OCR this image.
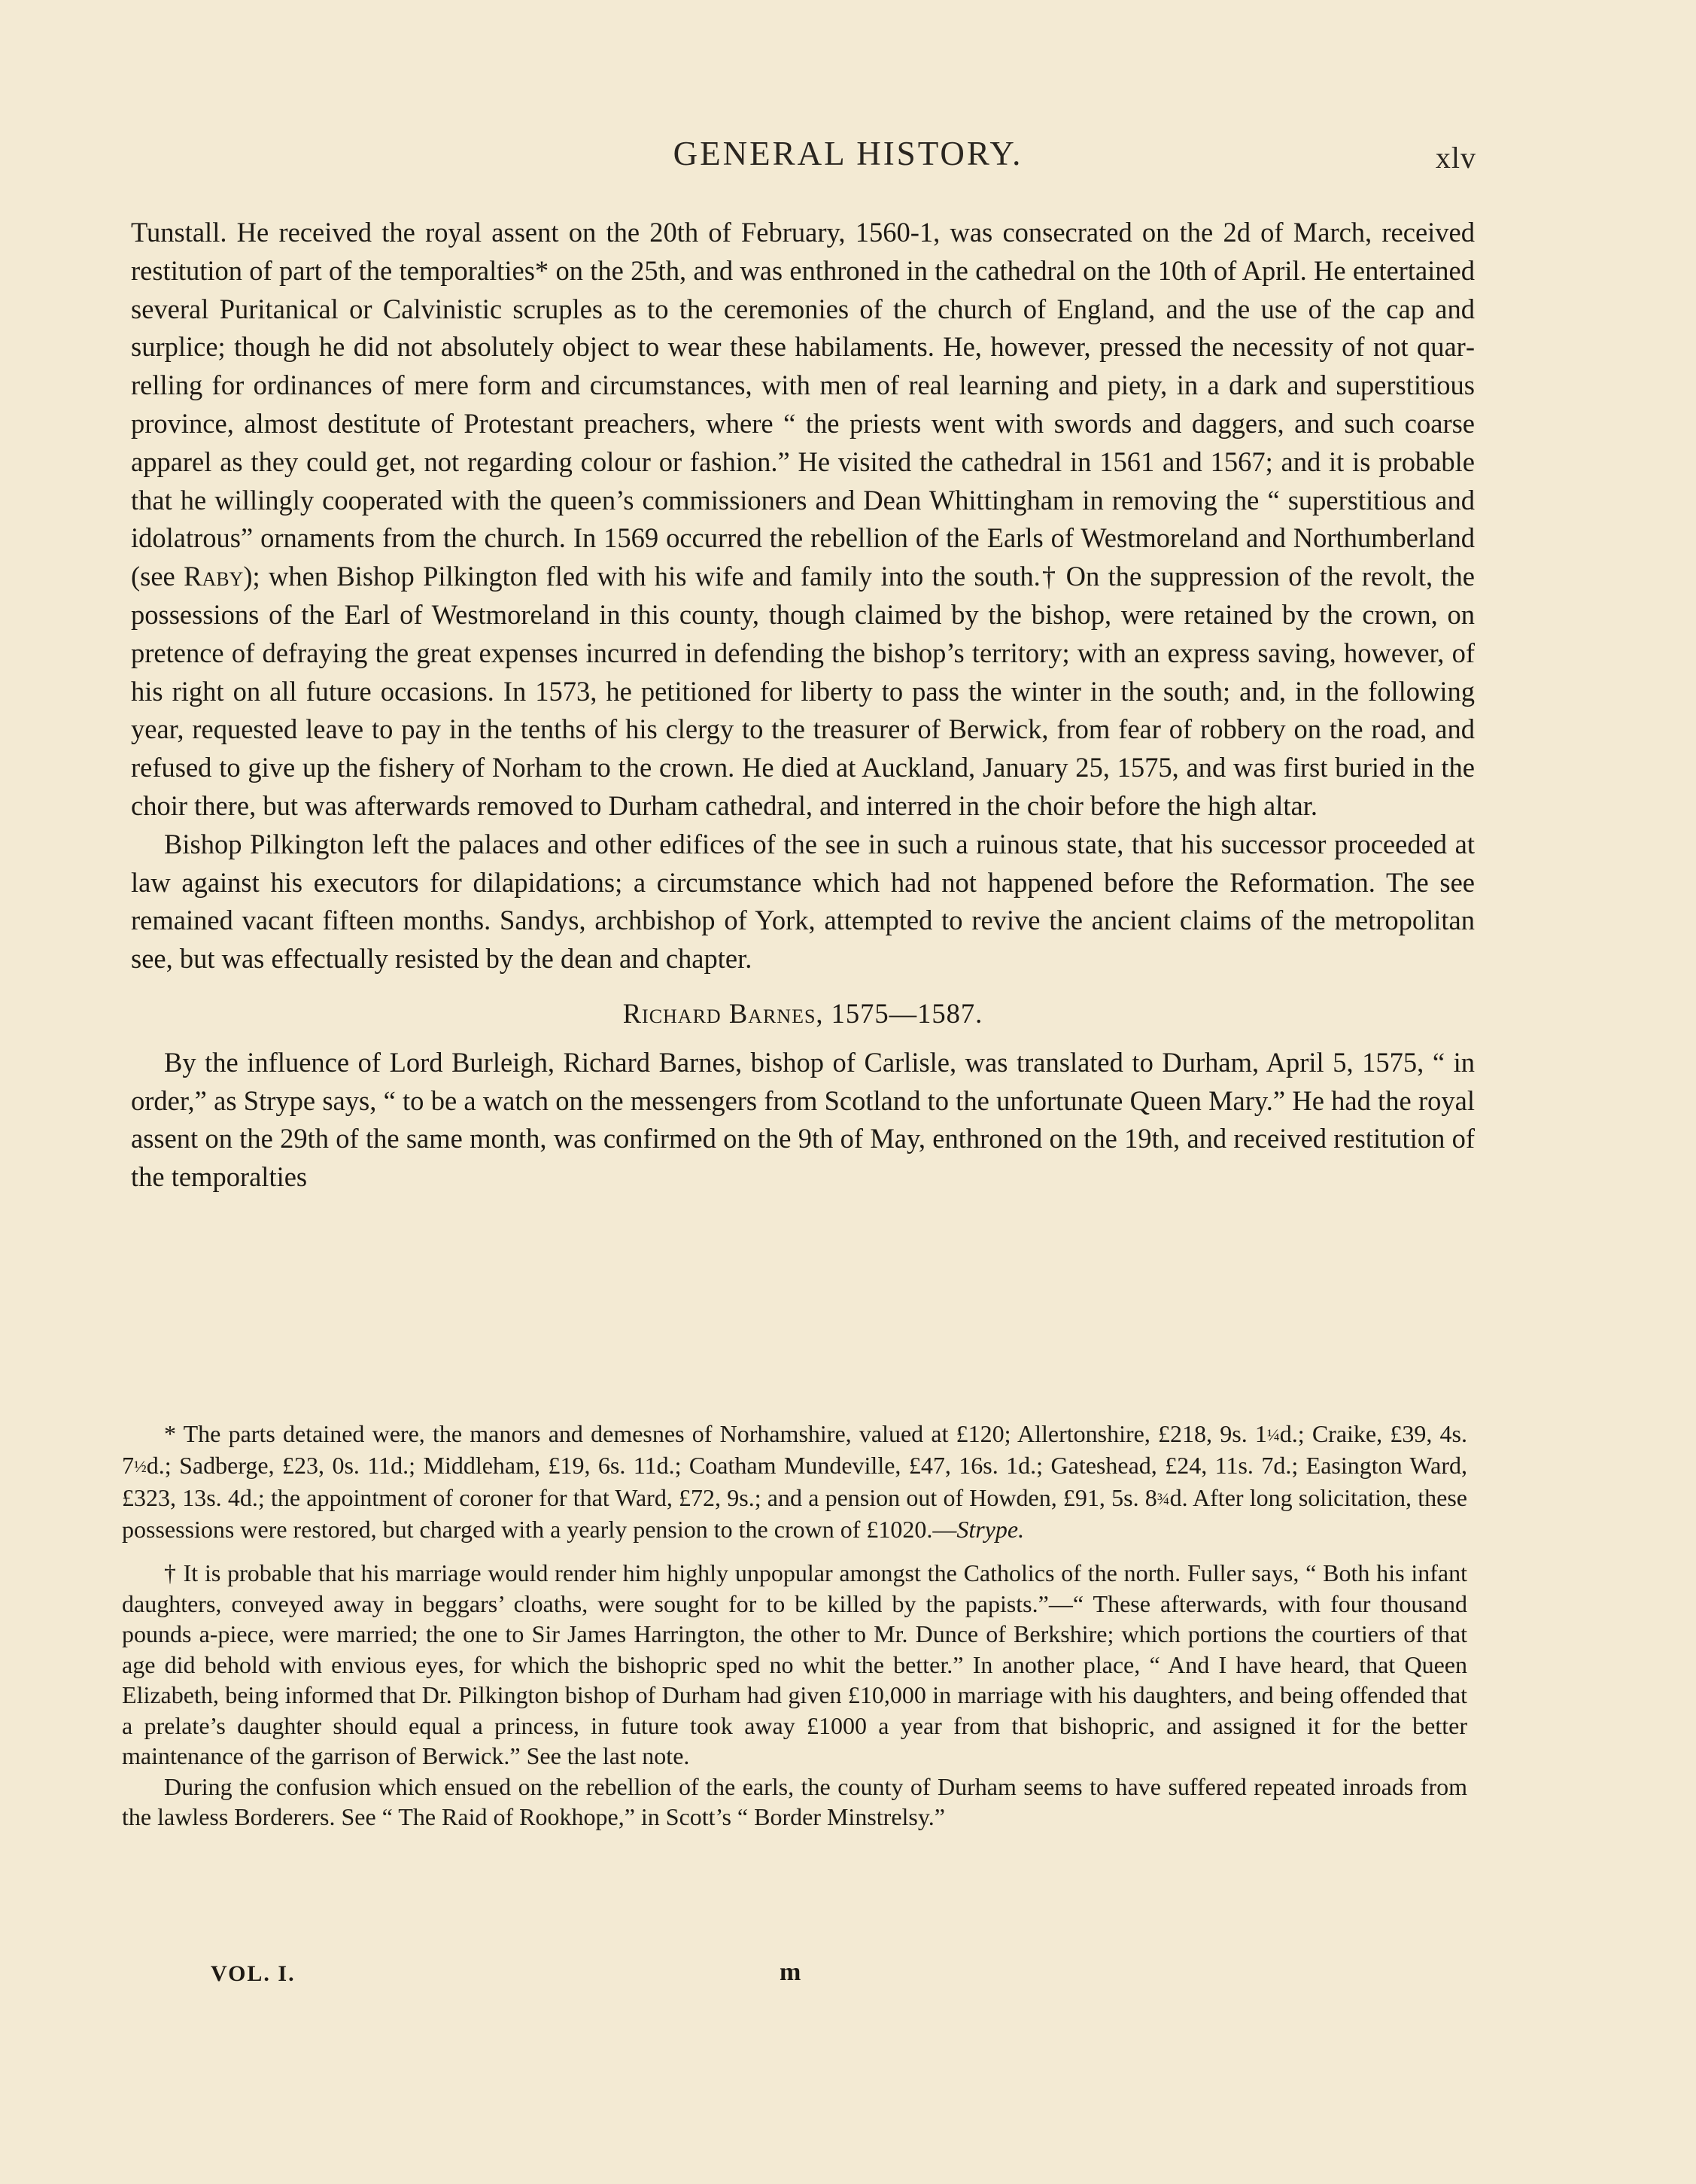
GENERAL HISTORY.	xlv

Tunstall. He received the royal assent on the 20th of February, 1560-1, was consecrated on the 2d of March, received restitution of part of the temporalties* on the 25th, and was enthroned in the cathedral on the 10th of April. He entertained several Puritanical or Calvinistic scruples as to the ceremonies of the church of England, and the use of the cap and surplice; though he did not absolutely object to wear these habilaments. He, however, pressed the necessity of not quarrelling for ordinances of mere form and circumstances, with men of real learning and piety, in a dark and superstitious province, almost destitute of Protestant preachers, where “ the priests went with swords and daggers, and such coarse apparel as they could get, not regarding colour or fashion.” He visited the cathedral in 1561 and 1567; and it is probable that he willingly cooperated with the queen’s commissioners and Dean Whittingham in removing the “ superstitious and idolatrous” ornaments from the church. In 1569 occurred the rebellion of the Earls of Westmoreland and Northumberland (see Raby); when Bishop Pilkington fled with his wife and family into the south.† On the suppression of the revolt, the possessions of the Earl of Westmoreland in this county, though claimed by the bishop, were retained by the crown, on pretence of defraying the great expenses incurred in defending the bishop’s territory; with an express saving, however, of his right on all future occasions. In 1573, he petitioned for liberty to pass the winter in the south; and, in the following year, requested leave to pay in the tenths of his clergy to the treasurer of Berwick, from fear of robbery on the road, and refused to give up the fishery of Norham to the crown. He died at Auckland, January 25, 1575, and was first buried in the choir there, but was afterwards removed to Durham cathedral, and interred in the choir before the high altar.

Bishop Pilkington left the palaces and other edifices of the see in such a ruinous state, that his successor proceeded at law against his executors for dilapidations; a circumstance which had not happened before the Reformation. The see remained vacant fifteen months. Sandys, archbishop of York, attempted to revive the ancient claims of the metropolitan see, but was effectually resisted by the dean and chapter.

Richard Barnes, 1575—1587.

By the influence of Lord Burleigh, Richard Barnes, bishop of Carlisle, was translated to Durham, April 5, 1575, “ in order,” as Strype says, “ to be a watch on the messengers from Scotland to the unfortunate Queen Mary.” He had the royal assent on the 29th of the same month, was confirmed on the 9th of May, enthroned on the 19th, and received restitution of the temporalties

* The parts detained were, the manors and demesnes of Norhamshire, valued at £120; Allertonshire, £218, 9s. 1¼d.; Craike, £39, 4s. 7½d.; Sadberge, £23, 0s. 11d.; Middleham, £19, 6s. 11d.; Coatham Mundeville, £47, 16s. 1d.; Gateshead, £24, 11s. 7d.; Easington Ward, £323, 13s. 4d.; the appointment of coroner for that Ward, £72, 9s.; and a pension out of Howden, £91, 5s. 8¾d. After long solicitation, these possessions were restored, but charged with a yearly pension to the crown of £1020.—Strype.

† It is probable that his marriage would render him highly unpopular amongst the Catholics of the north. Fuller says, “ Both his infant daughters, conveyed away in beggars’ cloaths, were sought for to be killed by the papists.”—“ These afterwards, with four thousand pounds a-piece, were married; the one to Sir James Harrington, the other to Mr. Dunce of Berkshire; which portions the courtiers of that age did behold with envious eyes, for which the bishopric sped no whit the better.” In another place, “ And I have heard, that Queen Elizabeth, being informed that Dr. Pilkington bishop of Durham had given £10,000 in marriage with his daughters, and being offended that a prelate’s daughter should equal a princess, in future took away £1000 a year from that bishopric, and assigned it for the better maintenance of the garrison of Berwick.” See the last note.

During the confusion which ensued on the rebellion of the earls, the county of Durham seems to have suffered repeated inroads from the lawless Borderers. See “ The Raid of Rookhope,” in Scott’s “ Border Minstrelsy.”

VOL. I.	m
